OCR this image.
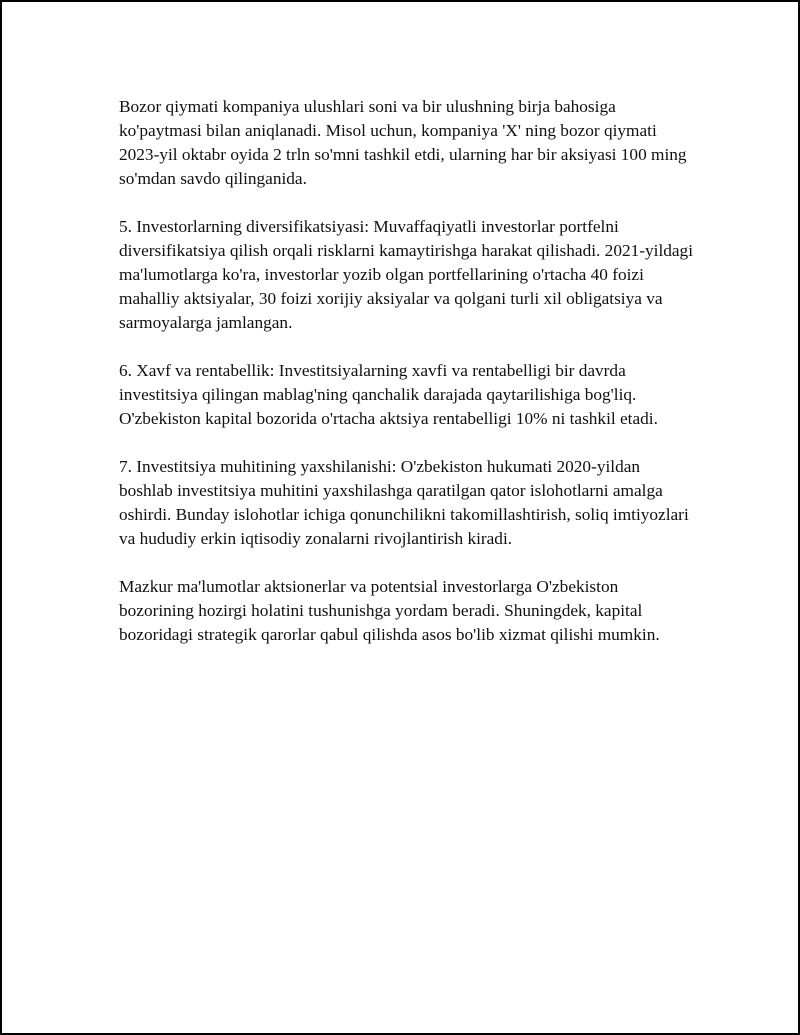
Bozor qiymati kompaniya ulushlari soni va bir ulushning birja bahosiga ko'paytmasi bilan aniqlanadi. Misol uchun, kompaniya 'X' ning bozor qiymati 2023-yil oktabr oyida 2 trln so'mni tashkil etdi, ularning har bir aksiyasi 100 ming so'mdan savdo qilinganida.

5. Investorlarning diversifikatsiyasi: Muvaffaqiyatli investorlar portfelni diversifikatsiya qilish orqali risklarni kamaytirishga harakat qilishadi. 2021-yildagi ma'lumotlarga ko'ra, investorlar yozib olgan portfellarining o'rtacha 40 foizi mahalliy aktsiyalar, 30 foizi xorijiy aksiyalar va qolgani turli xil obligatsiya va sarmoyalarga jamlangan.

6. Xavf va rentabellik: Investitsiyalarning xavfi va rentabelligi bir davrda investitsiya qilingan mablag'ning qanchalik darajada qaytarilishiga bog'liq. O'zbekiston kapital bozorida o'rtacha aktsiya rentabelligi 10% ni tashkil etadi.

7. Investitsiya muhitining yaxshilanishi: O'zbekiston hukumati 2020-yildan boshlab investitsiya muhitini yaxshilashga qaratilgan qator islohotlarni amalga oshirdi. Bunday islohotlar ichiga qonunchilikni takomillashtirish, soliq imtiyozlari va hududiy erkin iqtisodiy zonalarni rivojlantirish kiradi.

Mazkur ma'lumotlar aktsionerlar va potentsial investorlarga O'zbekiston bozorining hozirgi holatini tushunishga yordam beradi. Shuningdek, kapital bozoridagi strategik qarorlar qabul qilishda asos bo'lib xizmat qilishi mumkin.
